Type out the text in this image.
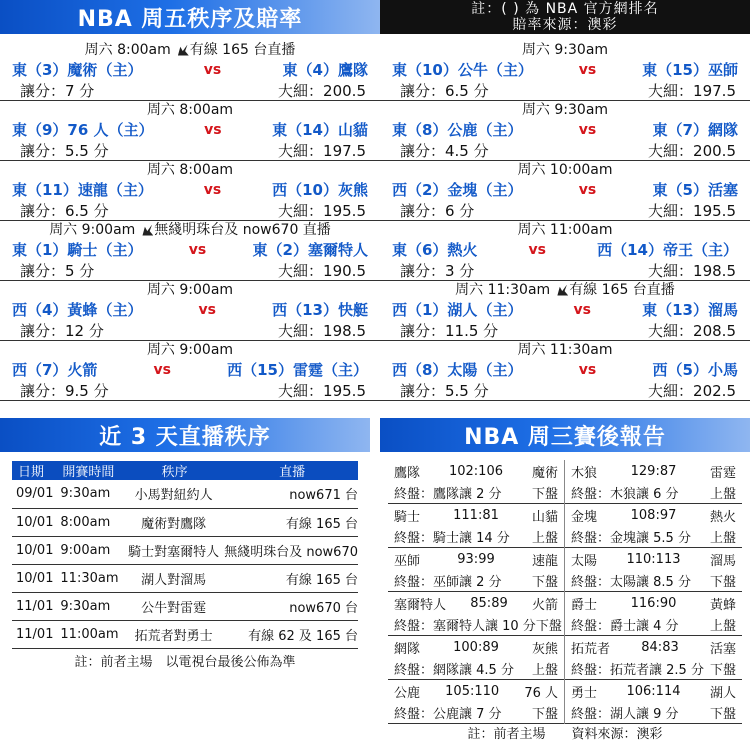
NBA 周五秩序及賠率
周六 8:00am 有線 165 台直播
東（3）魔術（主）	vs	東（4）鷹隊
讓分：7 分	大細：200.5
周六 8:00am
東（9）76 人（主）	vs	東（14）山貓
讓分：5.5 分	大細：197.5
周六 8:00am
東（11）速龍（主）	vs	西（10）灰熊
讓分：6.5 分	大細：195.5
周六 9:00am 無綫明珠台及 now670 直播
東（1）騎士（主）	vs	東（2）塞爾特人
讓分：5 分	大細：190.5
周六 9:00am
西（4）黃蜂（主）	vs	西（13）快艇
讓分：12 分	大細：198.5
周六 9:00am
西（7）火箭	vs	西（15）雷霆（主）
讓分：9.5 分	大細：195.5
註：( ) 為 NBA 官方網排名
賠率來源：澳彩
周六 9:30am
東（10）公牛（主）	vs	東（15）巫師
讓分：6.5 分	大細：197.5
周六 9:30am
東（8）公鹿（主）	vs	東（7）網隊
讓分：4.5 分	大細：200.5
周六 10:00am
西（2）金塊（主）	vs	東（5）活塞
讓分：6 分	大細：195.5
周六 11:00am
東（6）熱火	vs	西（14）帝王（主）
讓分：3 分	大細：198.5
周六 11:30am 有線 165 台直播
西（1）湖人（主）	vs	東（13）溜馬
讓分：11.5 分	大細：208.5
周六 11:30am
西（8）太陽（主）	vs	西（5）小馬
讓分：5.5 分	大細：202.5
近 3 天直播秩序
日期	開賽時間	秩序	直播
09/01	9:30am	小馬對紐約人	now671 台
10/01	8:00am	魔術對鷹隊	有線 165 台
10/01	9:00am	騎士對塞爾特人	無綫明珠台及 now670
10/01	11:30am	湖人對溜馬	有線 165 台
11/01	9:30am	公牛對雷霆	now670 台
11/01	11:00am	拓荒者對勇士	有線 62 及 165 台
註：前者主場　以電視台最後公佈為準
NBA 周三賽後報告
鷹隊 102:106 魔術
終盤：鷹隊讓 2 分 下盤
騎士	111:81	山貓
終盤：騎士讓 14 分 上盤
巫師	93:99	速龍
終盤：巫師讓 2 分 下盤
塞爾特人 85:89 火箭
終盤：塞爾特人讓 10 分 下盤
網隊	100:89	灰熊
終盤：網隊讓 4.5 分 上盤
公鹿 105:110 76 人
終盤：公鹿讓 7 分 下盤
木狼	129:87	雷霆
終盤：木狼讓 6 分 上盤
金塊	108:97	熱火
終盤：金塊讓 5.5 分 上盤
太陽 110:113 溜馬
終盤：太陽讓 8.5 分 下盤
爵士	116:90	黃蜂
終盤：爵士讓 4 分 上盤
拓荒者 84:83 活塞
終盤：拓荒者讓 2.5 分 下盤
勇士 106:114 湖人
終盤：湖人讓 9 分 下盤
註：前者主場　　資料來源：澳彩
